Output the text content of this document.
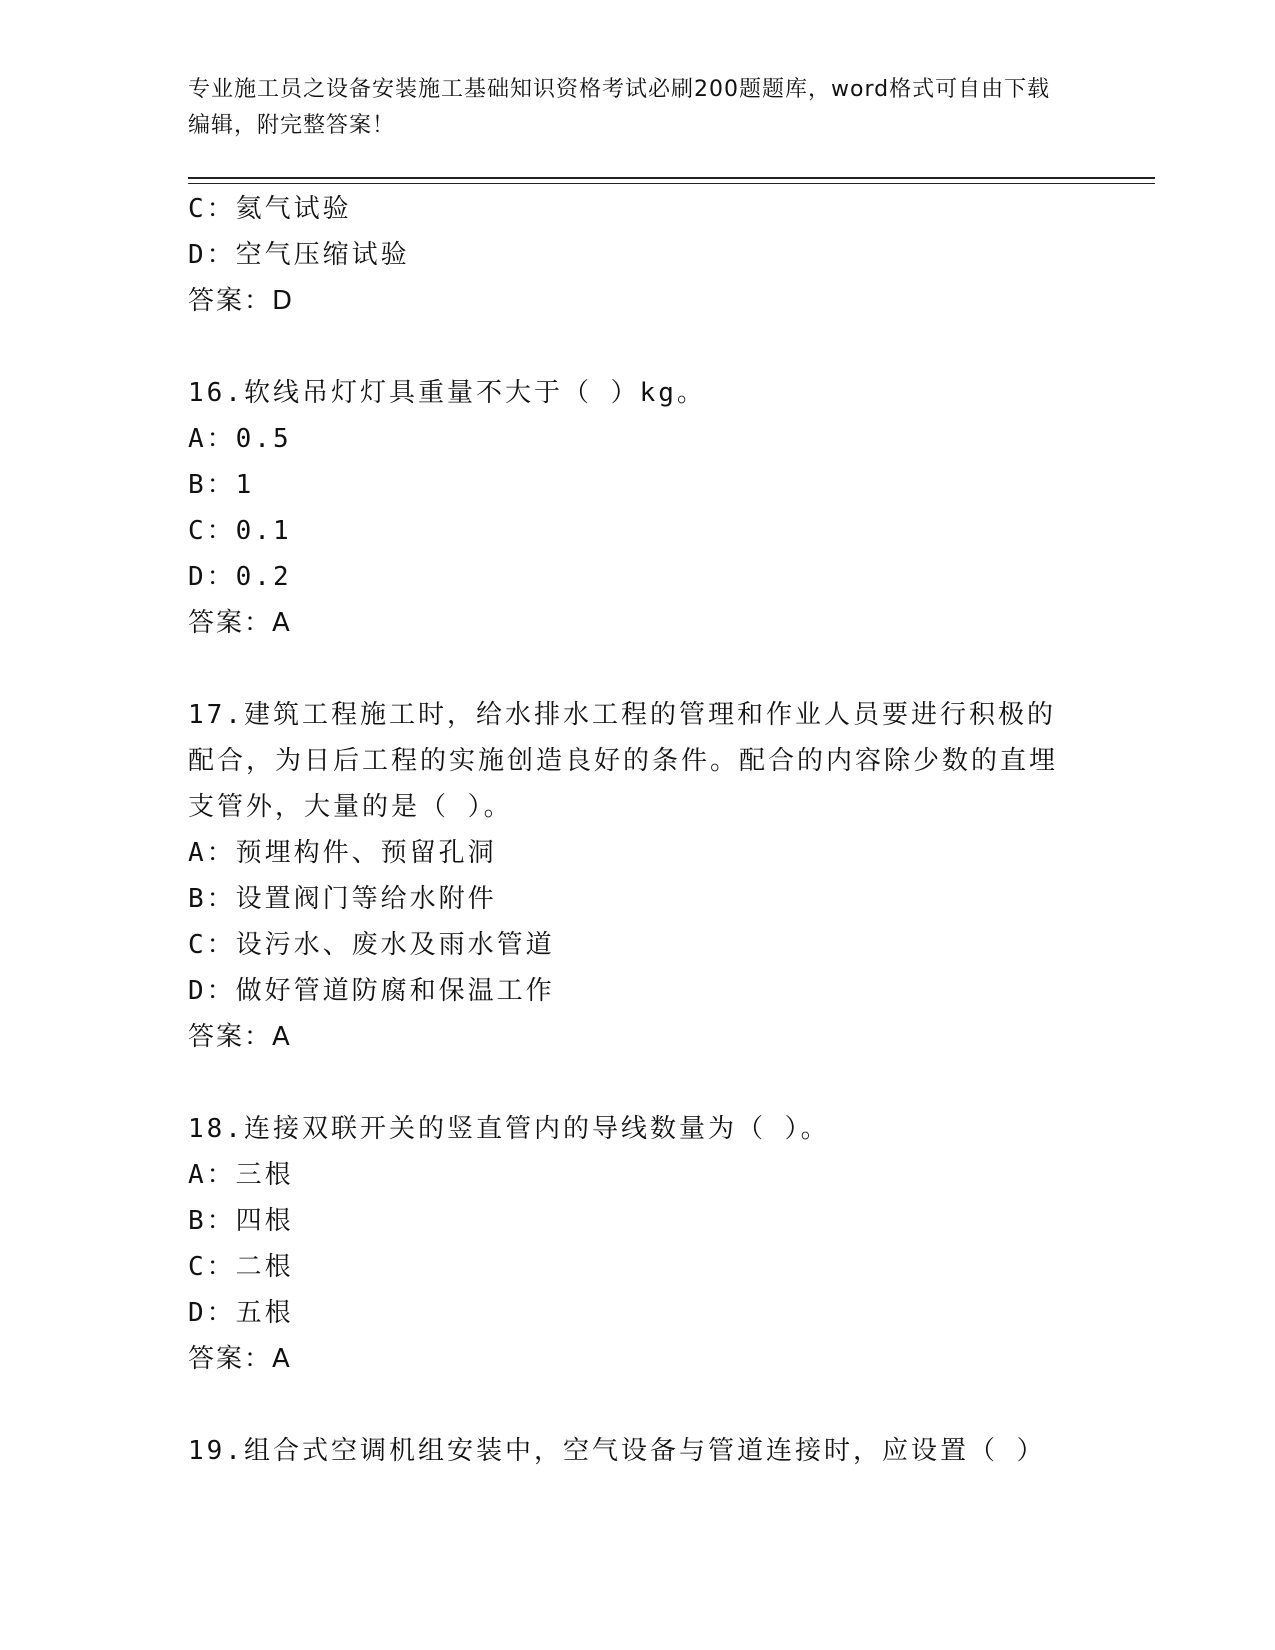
专业施工员之设备安装施工基础知识资格考试必刷200题题库，word格式可自由下载编辑，附完整答案！
C：氦气试验
D：空气压缩试验
答案：D
16.软线吊灯灯具重量不大于（ ）kg。
A：0.5
B：1
C：0.1
D：0.2
答案：A
17.建筑工程施工时，给水排水工程的管理和作业人员要进行积极的配合，为日后工程的实施创造良好的条件。配合的内容除少数的直埋支管外，大量的是（ ）。
A：预埋构件、预留孔洞
B：设置阀门等给水附件
C：设污水、废水及雨水管道
D：做好管道防腐和保温工作
答案：A
18.连接双联开关的竖直管内的导线数量为（ ）。
A：三根
B：四根
C：二根
D：五根
答案：A
19.组合式空调机组安装中，空气设备与管道连接时，应设置（ ）
